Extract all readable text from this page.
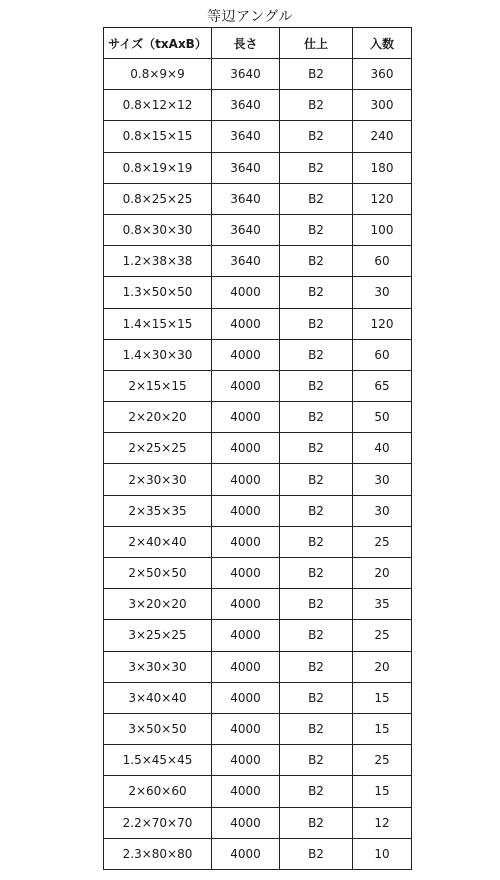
等辺アングル
サイズ（txAxB）	長さ	仕上	入数
0.8×9×9	3640	B2	360
0.8×12×12	3640	B2	300
0.8×15×15	3640	B2	240
0.8×19×19	3640	B2	180
0.8×25×25	3640	B2	120
0.8×30×30	3640	B2	100
1.2×38×38	3640	B2	60
1.3×50×50	4000	B2	30
1.4×15×15	4000	B2	120
1.4×30×30	4000	B2	60
2×15×15	4000	B2	65
2×20×20	4000	B2	50
2×25×25	4000	B2	40
2×30×30	4000	B2	30
2×35×35	4000	B2	30
2×40×40	4000	B2	25
2×50×50	4000	B2	20
3×20×20	4000	B2	35
3×25×25	4000	B2	25
3×30×30	4000	B2	20
3×40×40	4000	B2	15
3×50×50	4000	B2	15
1.5×45×45	4000	B2	25
2×60×60	4000	B2	15
2.2×70×70	4000	B2	12
2.3×80×80	4000	B2	10
